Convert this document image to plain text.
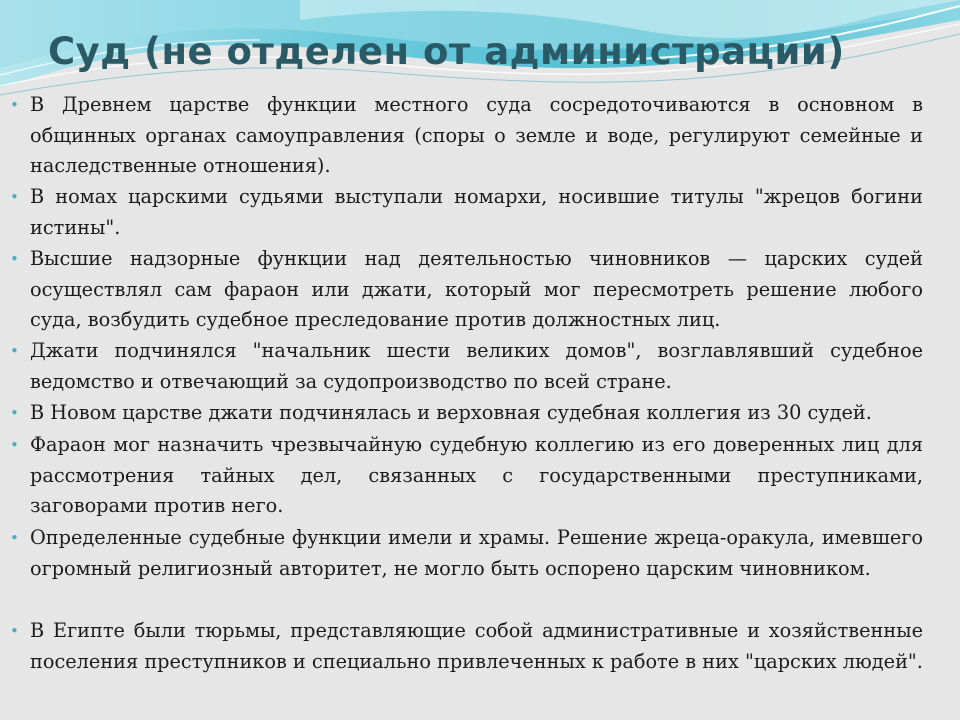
Суд (не отделен от администрации)

• В Древнем царстве функции местного суда сосредоточиваются в основном в общинных органах самоуправления (споры о земле и воде, регулируют семейные и наследственные отношения).

• В номах царскими судьями выступали номархи, носившие титулы "жрецов богини истины".

• Высшие надзорные функции над деятельностью чиновников — царских судей осуществлял сам фараон или джати, который мог пересмотреть решение любого суда, возбудить судебное преследование против должностных лиц.

• Джати подчинялся "начальник шести великих домов", возглавлявший судебное ведомство и отвечающий за судопроизводство по всей стране.

• В Новом царстве джати подчинялась и верховная судебная коллегия из 30 судей.

• Фараон мог назначить чрезвычайную судебную коллегию из его доверенных лиц для рассмотрения тайных дел, связанных с государственными преступниками, заговорами против него.

• Определенные судебные функции имели и храмы. Решение жреца-оракула, имевшего огромный религиозный авторитет, не могло быть оспорено царским чиновником.

• В Египте были тюрьмы, представляющие собой административные и хозяйственные поселения преступников и специально привлеченных к работе в них "царских людей".
